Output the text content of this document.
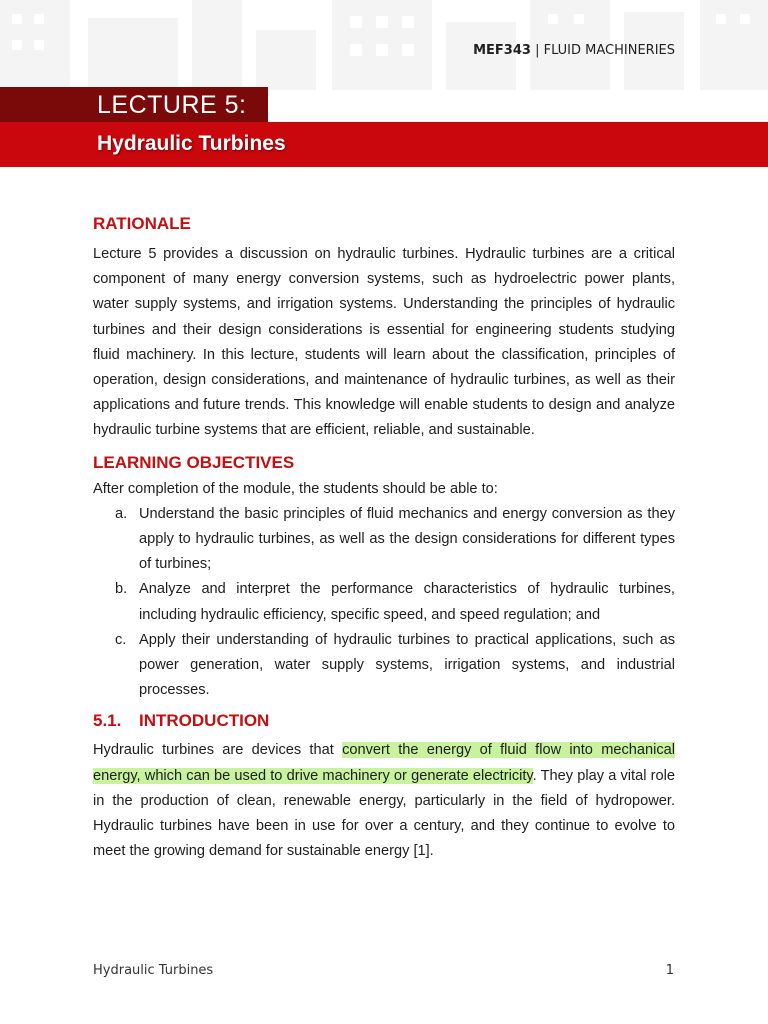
MEF343 | FLUID MACHINERIES
LECTURE 5:
Hydraulic Turbines
RATIONALE

Lecture 5 provides a discussion on hydraulic turbines. Hydraulic turbines are a critical component of many energy conversion systems, such as hydroelectric power plants, water supply systems, and irrigation systems. Understanding the principles of hydraulic turbines and their design considerations is essential for engineering students studying fluid machinery. In this lecture, students will learn about the classification, principles of operation, design considerations, and maintenance of hydraulic turbines, as well as their applications and future trends. This knowledge will enable students to design and analyze hydraulic turbine systems that are efficient, reliable, and sustainable.

LEARNING OBJECTIVES

After completion of the module, the students should be able to:

a. Understand the basic principles of fluid mechanics and energy conversion as they apply to hydraulic turbines, as well as the design considerations for different types of turbines;
b. Analyze and interpret the performance characteristics of hydraulic turbines, including hydraulic efficiency, specific speed, and speed regulation; and
c. Apply their understanding of hydraulic turbines to practical applications, such as power generation, water supply systems, irrigation systems, and industrial processes.
5.1. INTRODUCTION

Hydraulic turbines are devices that convert the energy of fluid flow into mechanical energy, which can be used to drive machinery or generate electricity. They play a vital role in the production of clean, renewable energy, particularly in the field of hydropower. Hydraulic turbines have been in use for over a century, and they continue to evolve to meet the growing demand for sustainable energy [1].

Hydraulic Turbines	1
